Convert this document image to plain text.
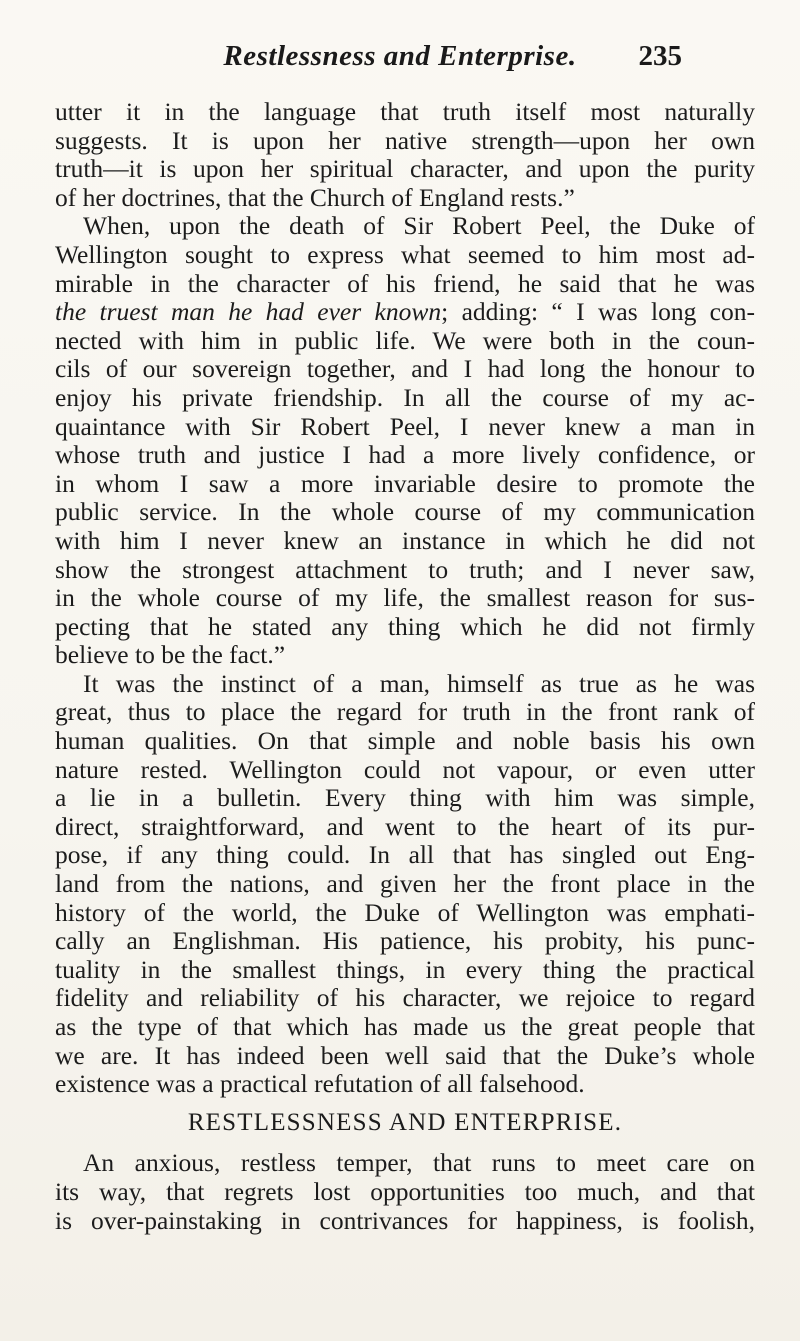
Restlessness and Enterprise.	235

utter it in the language that truth itself most naturally
suggests. It is upon her native strength—upon her own
truth—it is upon her spiritual character, and upon the purity
of her doctrines, that the Church of England rests.”

When, upon the death of Sir Robert Peel, the Duke of
Wellington sought to express what seemed to him most ad-
mirable in the character of his friend, he said that he was
the truest man he had ever known; adding: “ I was long con-
nected with him in public life. We were both in the coun-
cils of our sovereign together, and I had long the honour to
enjoy his private friendship. In all the course of my ac-
quaintance with Sir Robert Peel, I never knew a man in
whose truth and justice I had a more lively confidence, or
in whom I saw a more invariable desire to promote the
public service. In the whole course of my communication
with him I never knew an instance in which he did not
show the strongest attachment to truth; and I never saw,
in the whole course of my life, the smallest reason for sus-
pecting that he stated any thing which he did not firmly
believe to be the fact.”

It was the instinct of a man, himself as true as he was
great, thus to place the regard for truth in the front rank of
human qualities. On that simple and noble basis his own
nature rested. Wellington could not vapour, or even utter
a lie in a bulletin. Every thing with him was simple,
direct, straightforward, and went to the heart of its pur-
pose, if any thing could. In all that has singled out Eng-
land from the nations, and given her the front place in the
history of the world, the Duke of Wellington was emphati-
cally an Englishman. His patience, his probity, his punc-
tuality in the smallest things, in every thing the practical
fidelity and reliability of his character, we rejoice to regard
as the type of that which has made us the great people that
we are. It has indeed been well said that the Duke’s whole
existence was a practical refutation of all falsehood.

RESTLESSNESS AND ENTERPRISE.

An anxious, restless temper, that runs to meet care on
its way, that regrets lost opportunities too much, and that
is over-painstaking in contrivances for happiness, is foolish,
